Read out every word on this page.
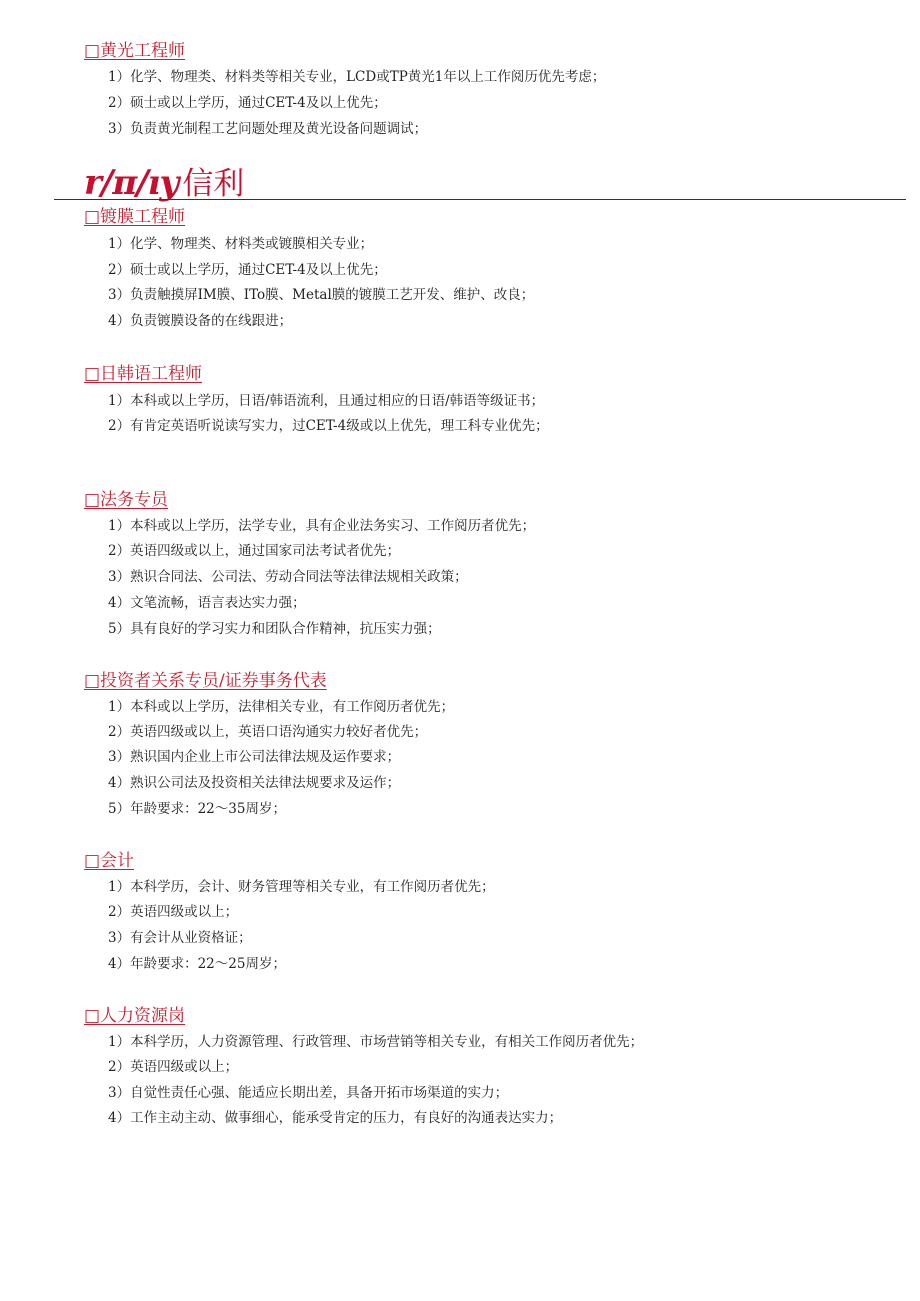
□黄光工程师
1）化学、物理类、材料类等相关专业，LCD或TP黄光1年以上工作阅历优先考虑；
2）硕士或以上学历，通过CET-4及以上优先；
3）负责黄光制程工艺问题处理及黄光设备问题调试；
r/π/ıy 信利
□镀膜工程师
1）化学、物理类、材料类或镀膜相关专业；
2）硕士或以上学历，通过CET-4及以上优先；
3）负责触摸屏IM膜、ITo膜、Metal膜的镀膜工艺开发、维护、改良；
4）负责镀膜设备的在线跟进；
□日韩语工程师
1）本科或以上学历，日语/韩语流利，且通过相应的日语/韩语等级证书；
2）有肯定英语听说读写实力，过CET-4级或以上优先，理工科专业优先；
□法务专员
1）本科或以上学历，法学专业，具有企业法务实习、工作阅历者优先；
2）英语四级或以上，通过国家司法考试者优先；
3）熟识合同法、公司法、劳动合同法等法律法规相关政策；
4）文笔流畅，语言表达实力强；
5）具有良好的学习实力和团队合作精神，抗压实力强；
□投资者关系专员/证券事务代表
1）本科或以上学历，法律相关专业，有工作阅历者优先；
2）英语四级或以上，英语口语沟通实力较好者优先；
3）熟识国内企业上市公司法律法规及运作要求；
4）熟识公司法及投资相关法律法规要求及运作；
5）年龄要求：22～35周岁；
□会计
1）本科学历，会计、财务管理等相关专业，有工作阅历者优先；
2）英语四级或以上；
3）有会计从业资格证；
4）年龄要求：22～25周岁；
□人力资源岗
1）本科学历，人力资源管理、行政管理、市场营销等相关专业，有相关工作阅历者优先；
2）英语四级或以上；
3）自觉性责任心强、能适应长期出差，具备开拓市场渠道的实力；
4）工作主动主动、做事细心，能承受肯定的压力，有良好的沟通表达实力；
